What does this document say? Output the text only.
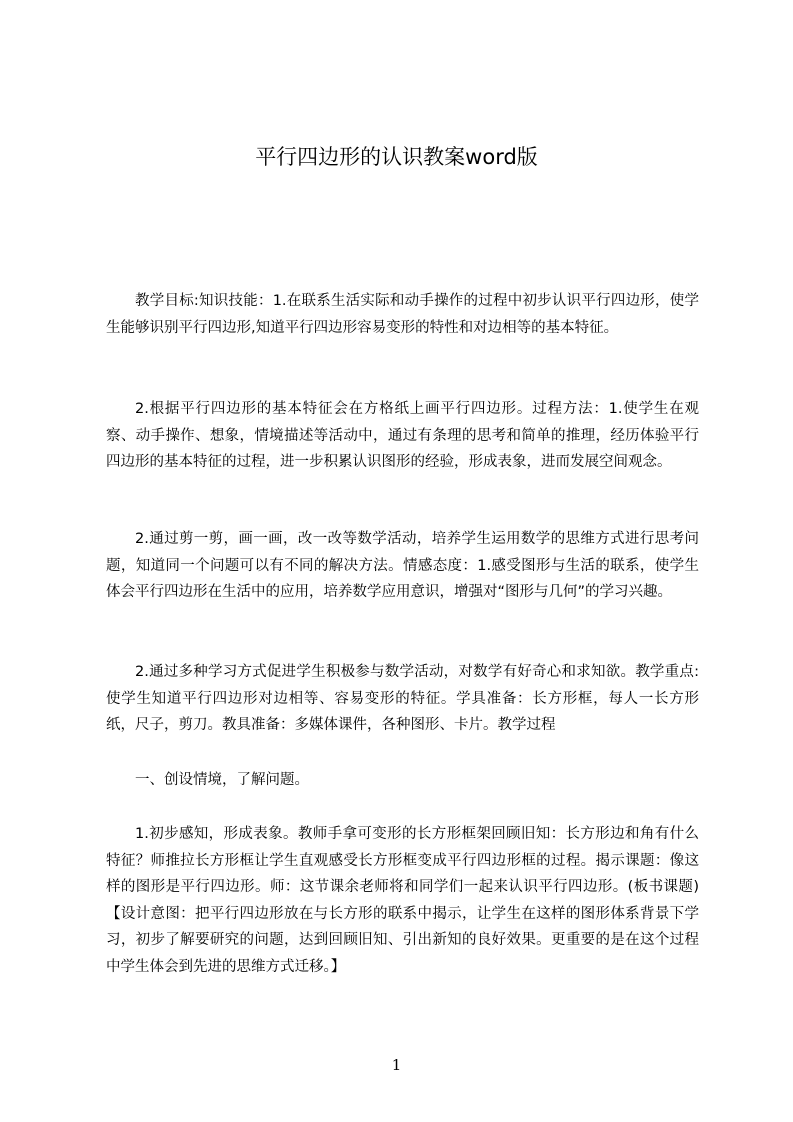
平行四边形的认识教案word版

教学目标:知识技能：1.在联系生活实际和动手操作的过程中初步认识平行四边形，使学生能够识别平行四边形,知道平行四边形容易变形的特性和对边相等的基本特征。

2.根据平行四边形的基本特征会在方格纸上画平行四边形。过程方法：1.使学生在观察、动手操作、想象，情境描述等活动中，通过有条理的思考和简单的推理，经历体验平行四边形的基本特征的过程，进一步积累认识图形的经验，形成表象，进而发展空间观念。

2.通过剪一剪，画一画，改一改等数学活动，培养学生运用数学的思维方式进行思考问题，知道同一个问题可以有不同的解决方法。情感态度：1.感受图形与生活的联系，使学生体会平行四边形在生活中的应用，培养数学应用意识，增强对“图形与几何”的学习兴趣。

2.通过多种学习方式促进学生积极参与数学活动，对数学有好奇心和求知欲。教学重点:使学生知道平行四边形对边相等、容易变形的特征。学具准备：长方形框，每人一长方形纸，尺子，剪刀。教具准备：多媒体课件，各种图形、卡片。教学过程

一、创设情境，了解问题。

1.初步感知，形成表象。教师手拿可变形的长方形框架回顾旧知：长方形边和角有什么特征？师推拉长方形框让学生直观感受长方形框变成平行四边形框的过程。揭示课题：像这样的图形是平行四边形。师：这节课余老师将和同学们一起来认识平行四边形。(板书课题)【设计意图：把平行四边形放在与长方形的联系中揭示，让学生在这样的图形体系背景下学习，初步了解要研究的问题，达到回顾旧知、引出新知的良好效果。更重要的是在这个过程中学生体会到先进的思维方式迁移。】

1
